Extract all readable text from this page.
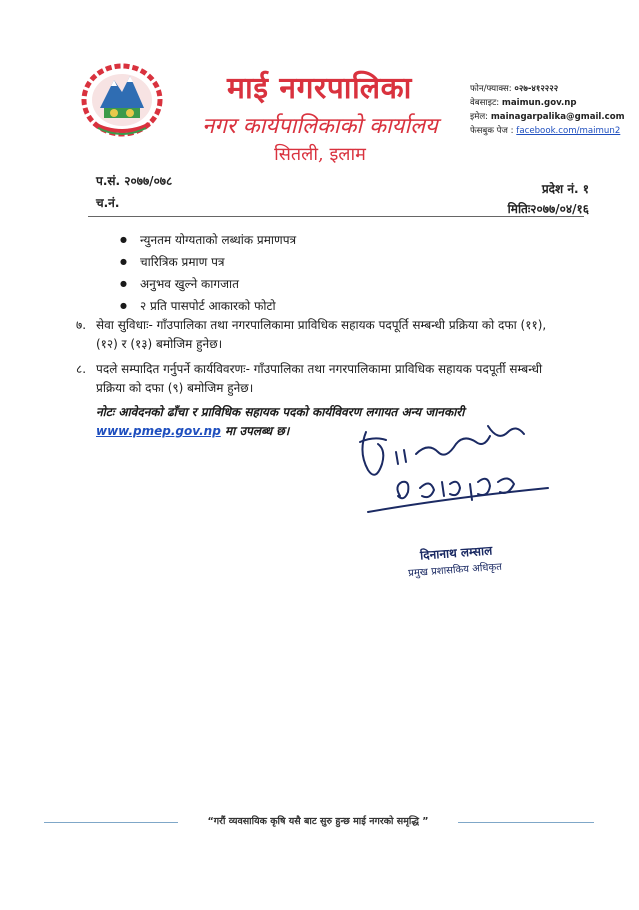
माई नगरपालिका
नगर कार्यपालिकाको कार्यालय
सितली, इलाम
फोन/फ्याक्स: ०२७-४१२२२२
वेबसाइट: maimun.gov.np
इमेल: mainagarpalika@gmail.com
फेसबुक पेज : facebook.com/maimun2
प.सं. २०७७/०७८
च.नं.
प्रदेश नं. १
मितिः२०७७/०४/१६
● न्युनतम योग्यताको लब्धांक प्रमाणपत्र
● चारित्रिक प्रमाण पत्र
● अनुभव खुल्ने कागजात
● २ प्रति पासपोर्ट आकारको फोटो
७. सेवा सुविधाः- गाँउपालिका तथा नगरपालिकामा प्राविधिक सहायक पदपूर्ति सम्बन्धी प्रक्रिया को दफा (११),
(१२) र (१३) बमोजिम हुनेछ।
८. पदले सम्पादित गर्नुपर्ने कार्यविवरणः- गाँउपालिका तथा नगरपालिकामा प्राविधिक सहायक पदपूर्ती सम्बन्धी
प्रक्रिया को दफा (९) बमोजिम हुनेछ।
नोटः आवेदनको ढाँचा र प्राविधिक सहायक पदको कार्यविवरण लगायत अन्य जानकारी
www.pmep.gov.np मा उपलब्ध छ।
दिनानाथ लम्साल
प्रमुख प्रशासकिय अधिकृत
“गरौं व्यवसायिक कृषि यसै बाट सुरु हुन्छ माई नगरको समृद्धि ”
